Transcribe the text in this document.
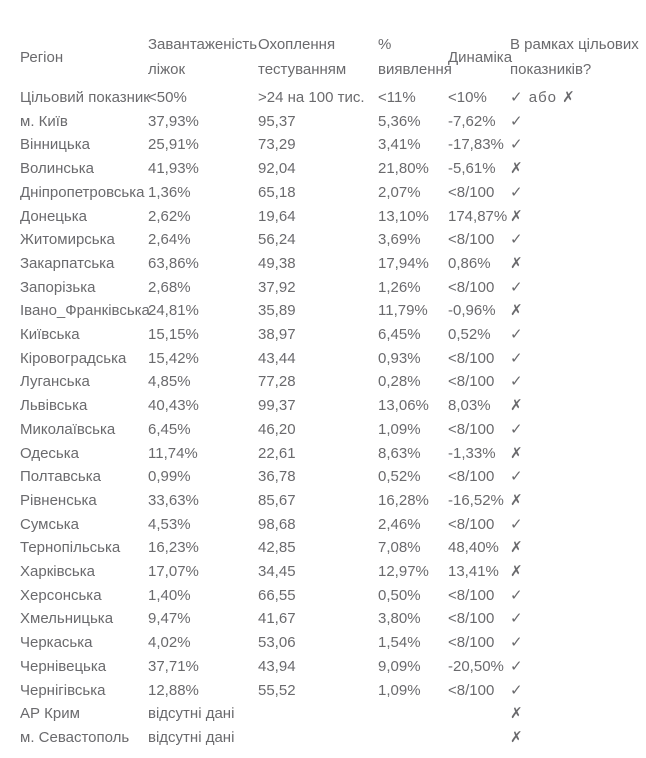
Регіон	Завантаженість ліжок	Охоплення тестуванням	% виявлення	Динаміка	В рамках цільових показників?
Цільовий показник	<50%	>24 на 100 тис.	<11%	<10%	✓ або ✗
м. Київ	37,93%	95,37	5,36%	-7,62%	✓
Вінницька	25,91%	73,29	3,41%	-17,83%	✓
Волинська	41,93%	92,04	21,80%	-5,61%	✗
Дніпропетровська	1,36%	65,18	2,07%	<8/100	✓
Донецька	2,62%	19,64	13,10%	174,87%	✗
Житомирська	2,64%	56,24	3,69%	<8/100	✓
Закарпатська	63,86%	49,38	17,94%	0,86%	✗
Запорізька	2,68%	37,92	1,26%	<8/100	✓
Івано_Франківська	24,81%	35,89	11,79%	-0,96%	✗
Київська	15,15%	38,97	6,45%	0,52%	✓
Кіровоградська	15,42%	43,44	0,93%	<8/100	✓
Луганська	4,85%	77,28	0,28%	<8/100	✓
Львівська	40,43%	99,37	13,06%	8,03%	✗
Миколаївська	6,45%	46,20	1,09%	<8/100	✓
Одеська	11,74%	22,61	8,63%	-1,33%	✗
Полтавська	0,99%	36,78	0,52%	<8/100	✓
Рівненська	33,63%	85,67	16,28%	-16,52%	✗
Сумська	4,53%	98,68	2,46%	<8/100	✓
Тернопільська	16,23%	42,85	7,08%	48,40%	✗
Харківська	17,07%	34,45	12,97%	13,41%	✗
Херсонська	1,40%	66,55	0,50%	<8/100	✓
Хмельницька	9,47%	41,67	3,80%	<8/100	✓
Черкаська	4,02%	53,06	1,54%	<8/100	✓
Чернівецька	37,71%	43,94	9,09%	-20,50%	✓
Чернігівська	12,88%	55,52	1,09%	<8/100	✓
АР Крим	відсутні дані				✗
м. Севастополь	відсутні дані				✗
